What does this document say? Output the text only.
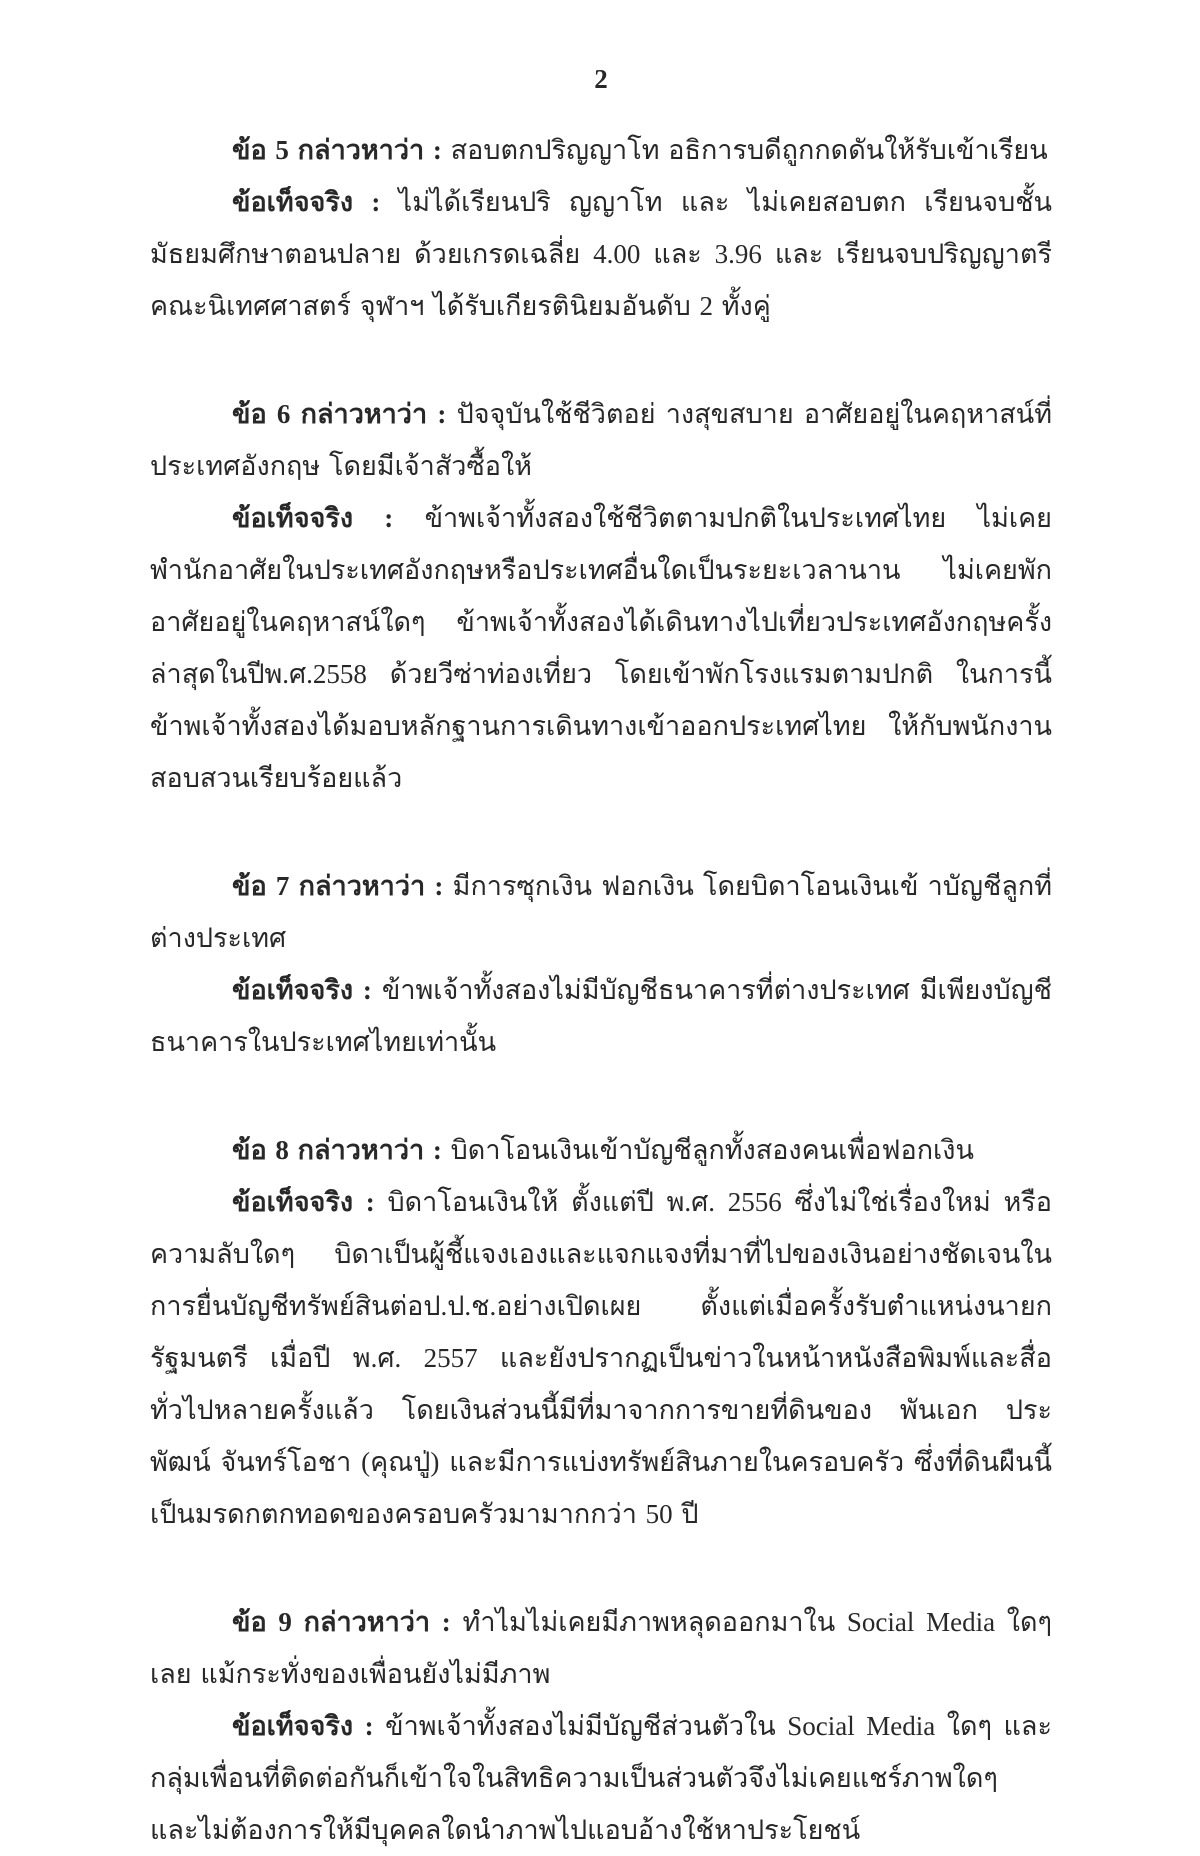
2

ข้อ 5 กล่าวหาว่า : สอบตกปริญญาโท อธิการบดีถูกกดดันให้รับเข้าเรียน

ข้อเท็จจริง : ไม่ได้เรียนปริ ญญาโท และ ไม่เคยสอบตก เรียนจบชั้นมัธยมศึกษาตอนปลาย ด้วยเกรดเฉลี่ย 4.00 และ 3.96 และ เรียนจบปริญญาตรี คณะนิเทศศาสตร์ จุฬาฯ ได้รับเกียรตินิยมอันดับ 2 ทั้งคู่

ข้อ 6 กล่าวหาว่า : ปัจจุบันใช้ชีวิตอย่ างสุขสบาย อาศัยอยู่ในคฤหาสน์ที่ประเทศอังกฤษ โดยมีเจ้าสัวซื้อให้

ข้อเท็จจริง : ข้าพเจ้าทั้งสองใช้ชีวิตตามปกติในประเทศไทย ไม่เคยพำนักอาศัยในประเทศอังกฤษหรือประเทศอื่นใดเป็นระยะเวลานาน ไม่เคยพักอาศัยอยู่ในคฤหาสน์ใดๆ ข้าพเจ้าทั้งสองได้เดินทางไปเที่ยวประเทศอังกฤษครั้งล่าสุดในปีพ.ศ.2558 ด้วยวีซ่าท่องเที่ยว โดยเข้าพักโรงแรมตามปกติ ในการนี้ ข้าพเจ้าทั้งสองได้มอบหลักฐานการเดินทางเข้าออกประเทศไทย ให้กับพนักงานสอบสวนเรียบร้อยแล้ว

ข้อ 7 กล่าวหาว่า : มีการซุกเงิน ฟอกเงิน โดยบิดาโอนเงินเข้ าบัญชีลูกที่ต่างประเทศ

ข้อเท็จจริง : ข้าพเจ้าทั้งสองไม่มีบัญชีธนาคารที่ต่างประเทศ มีเพียงบัญชีธนาคารในประเทศไทยเท่านั้น

ข้อ 8 กล่าวหาว่า : บิดาโอนเงินเข้าบัญชีลูกทั้งสองคนเพื่อฟอกเงิน

ข้อเท็จจริง : บิดาโอนเงินให้ ตั้งแต่ปี พ.ศ. 2556 ซึ่งไม่ใช่เรื่องใหม่ หรือ ความลับใดๆ บิดาเป็นผู้ชี้แจงเองและแจกแจงที่มาที่ไปของเงินอย่างชัดเจนในการยื่นบัญชีทรัพย์สินต่อป.ป.ช.อย่างเปิดเผย ตั้งแต่เมื่อครั้งรับตำแหน่งนายกรัฐมนตรี เมื่อปี พ.ศ. 2557 และยังปรากฏเป็นข่าวในหน้าหนังสือพิมพ์และสื่อทั่วไปหลายครั้งแล้ว โดยเงินส่วนนี้มีที่มาจากการขายที่ดินของ พันเอก ประพัฒน์ จันทร์โอชา (คุณปู่) และมีการแบ่งทรัพย์สินภายในครอบครัว ซึ่งที่ดินผืนนี้เป็นมรดกตกทอดของครอบครัวมามากกว่า 50 ปี

ข้อ 9 กล่าวหาว่า : ทำไมไม่เคยมีภาพหลุดออกมาใน Social Media ใดๆเลย แม้กระทั่งของเพื่อนยังไม่มีภาพ

ข้อเท็จจริง : ข้าพเจ้าทั้งสองไม่มีบัญชีส่วนตัวใน Social Media ใดๆ และ กลุ่มเพื่อนที่ติดต่อกันก็เข้าใจในสิทธิความเป็นส่วนตัวจึงไม่เคยแชร์ภาพใดๆ และไม่ต้องการให้มีบุคคลใดนำภาพไปแอบอ้างใช้หาประโยชน์
